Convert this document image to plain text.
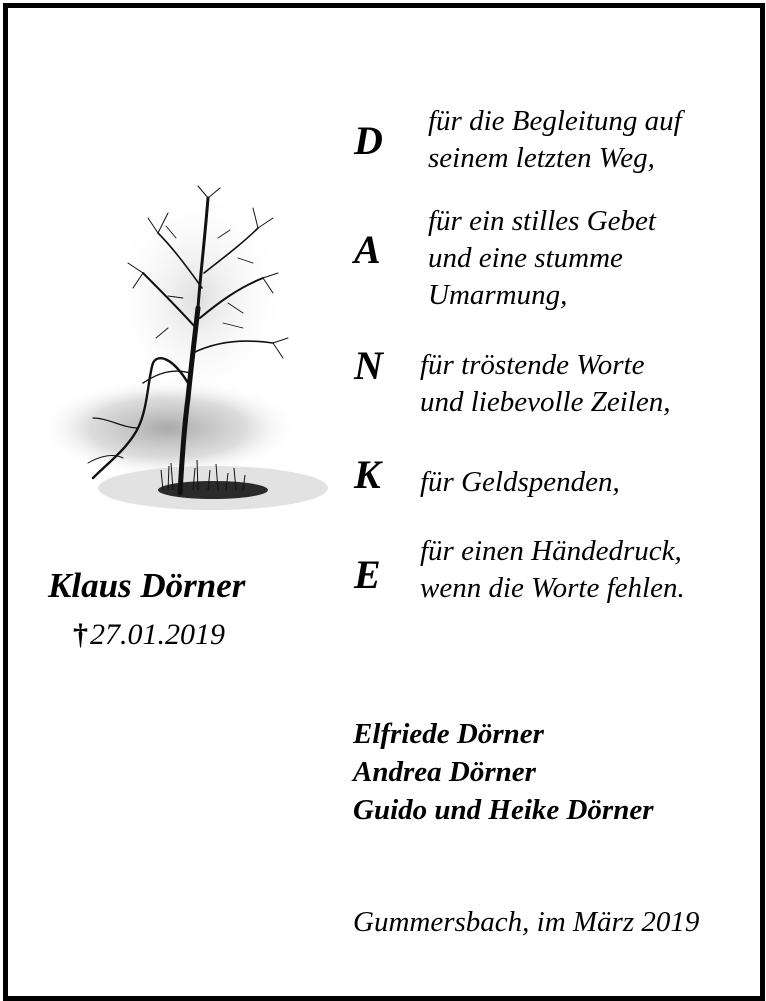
Klaus Dörner
†27.01.2019
D für die Begleitung auf
seinem letzten Weg,
A
für ein stilles Gebet
und eine stumme
Umarmung,
N für tröstende Worte
und liebevolle Zeilen,
K für Geldspenden,
E
für einen Händedruck,
wenn die Worte fehlen.
Elfriede Dörner
Andrea Dörner
Guido und Heike Dörner
Gummersbach, im März 2019
